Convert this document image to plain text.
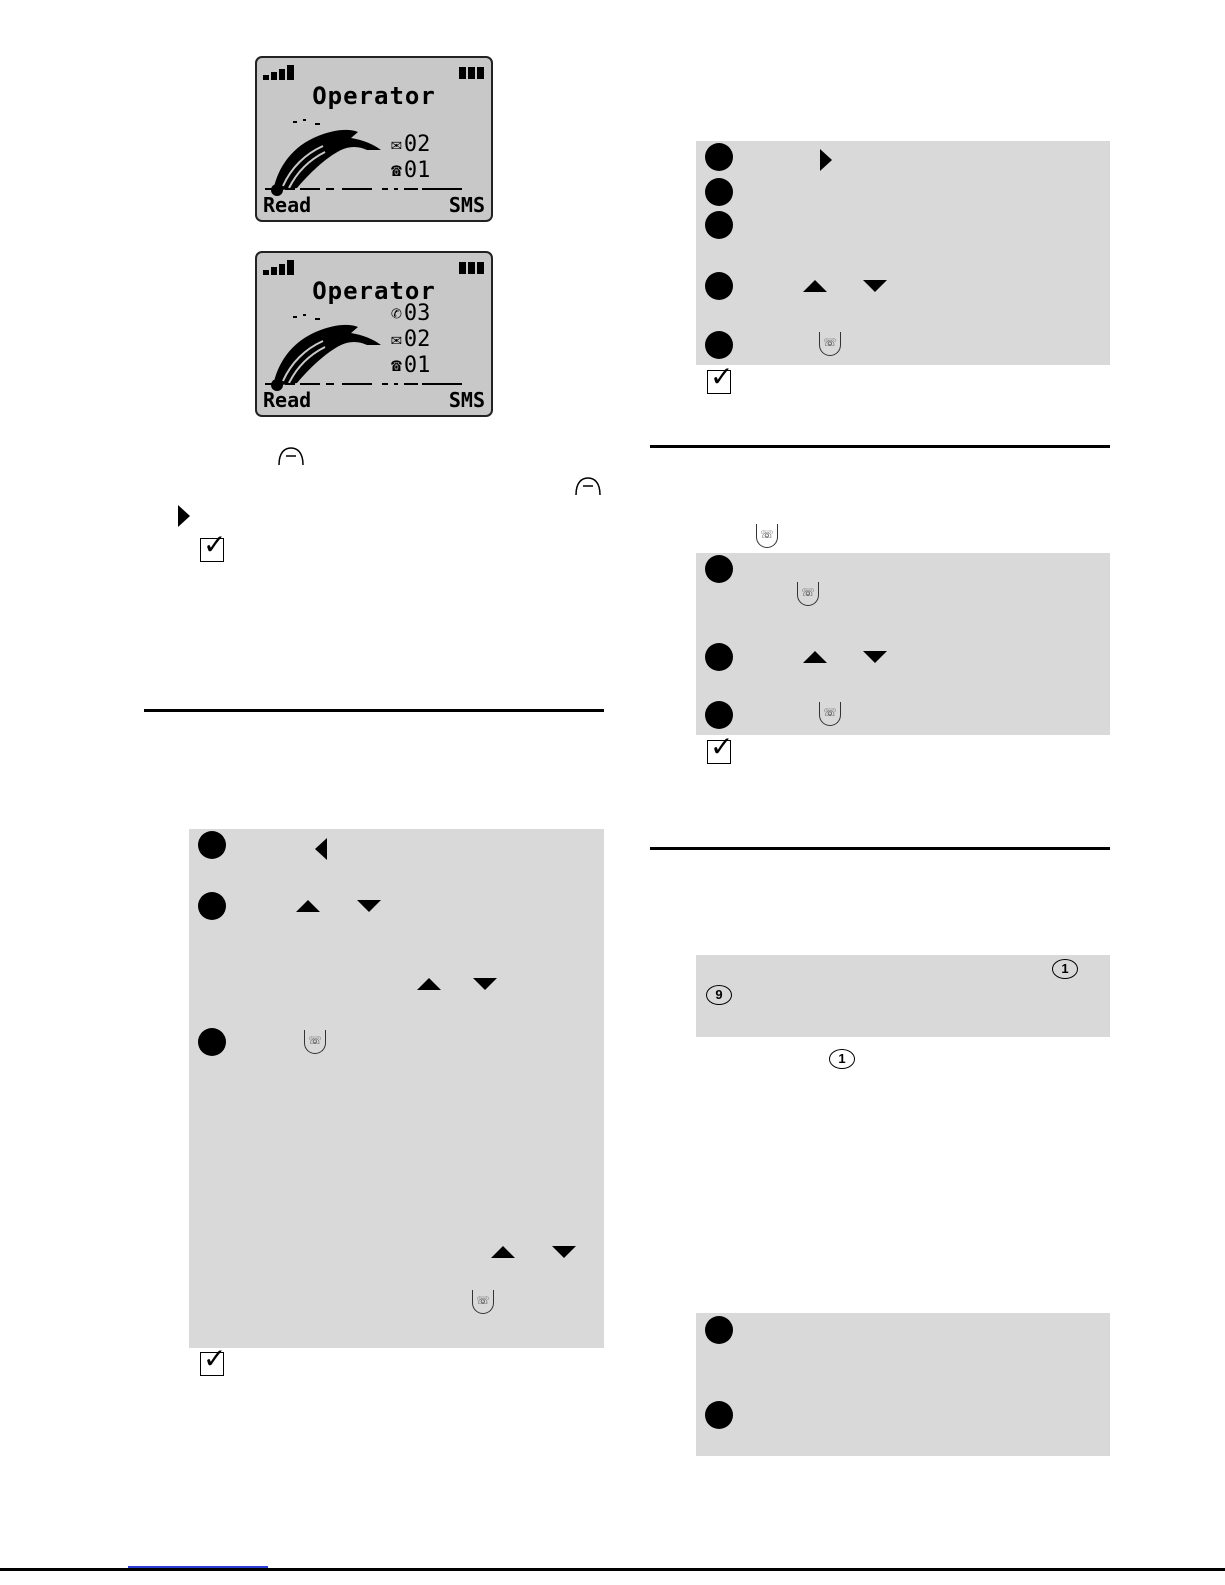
Operator
✉ 02
☎ 01
Read	SMS
Operator
✆ 03
✉ 02
☎ 01
Read	SMS
✓
☏
☏
✓
☏
✓
☏
☏
☏
✓
1
9
1
